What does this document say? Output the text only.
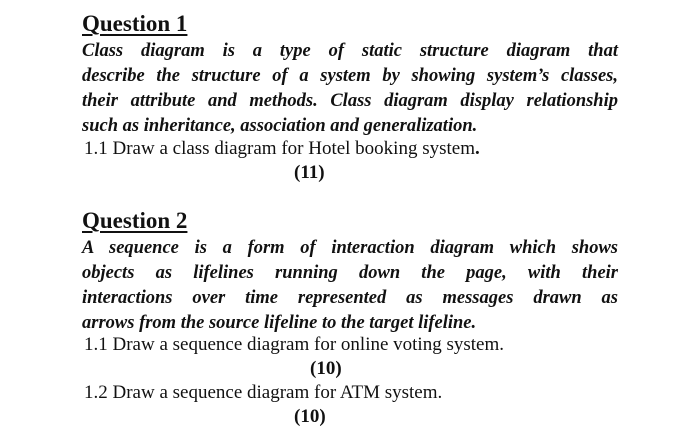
Question 1
Class diagram is a type of static structure diagram that
describe the structure of a system by showing system’s classes,
their attribute and methods. Class diagram display relationship
such as inheritance, association and generalization.

1.1 Draw a class diagram for Hotel booking system.

(11)

Question 2
A sequence is a form of interaction diagram which shows
objects as lifelines running down the page, with their
interactions over time represented as messages drawn as
arrows from the source lifeline to the target lifeline.

1.1 Draw a sequence diagram for online voting system.

(10)

1.2 Draw a sequence diagram for ATM system.

(10)
